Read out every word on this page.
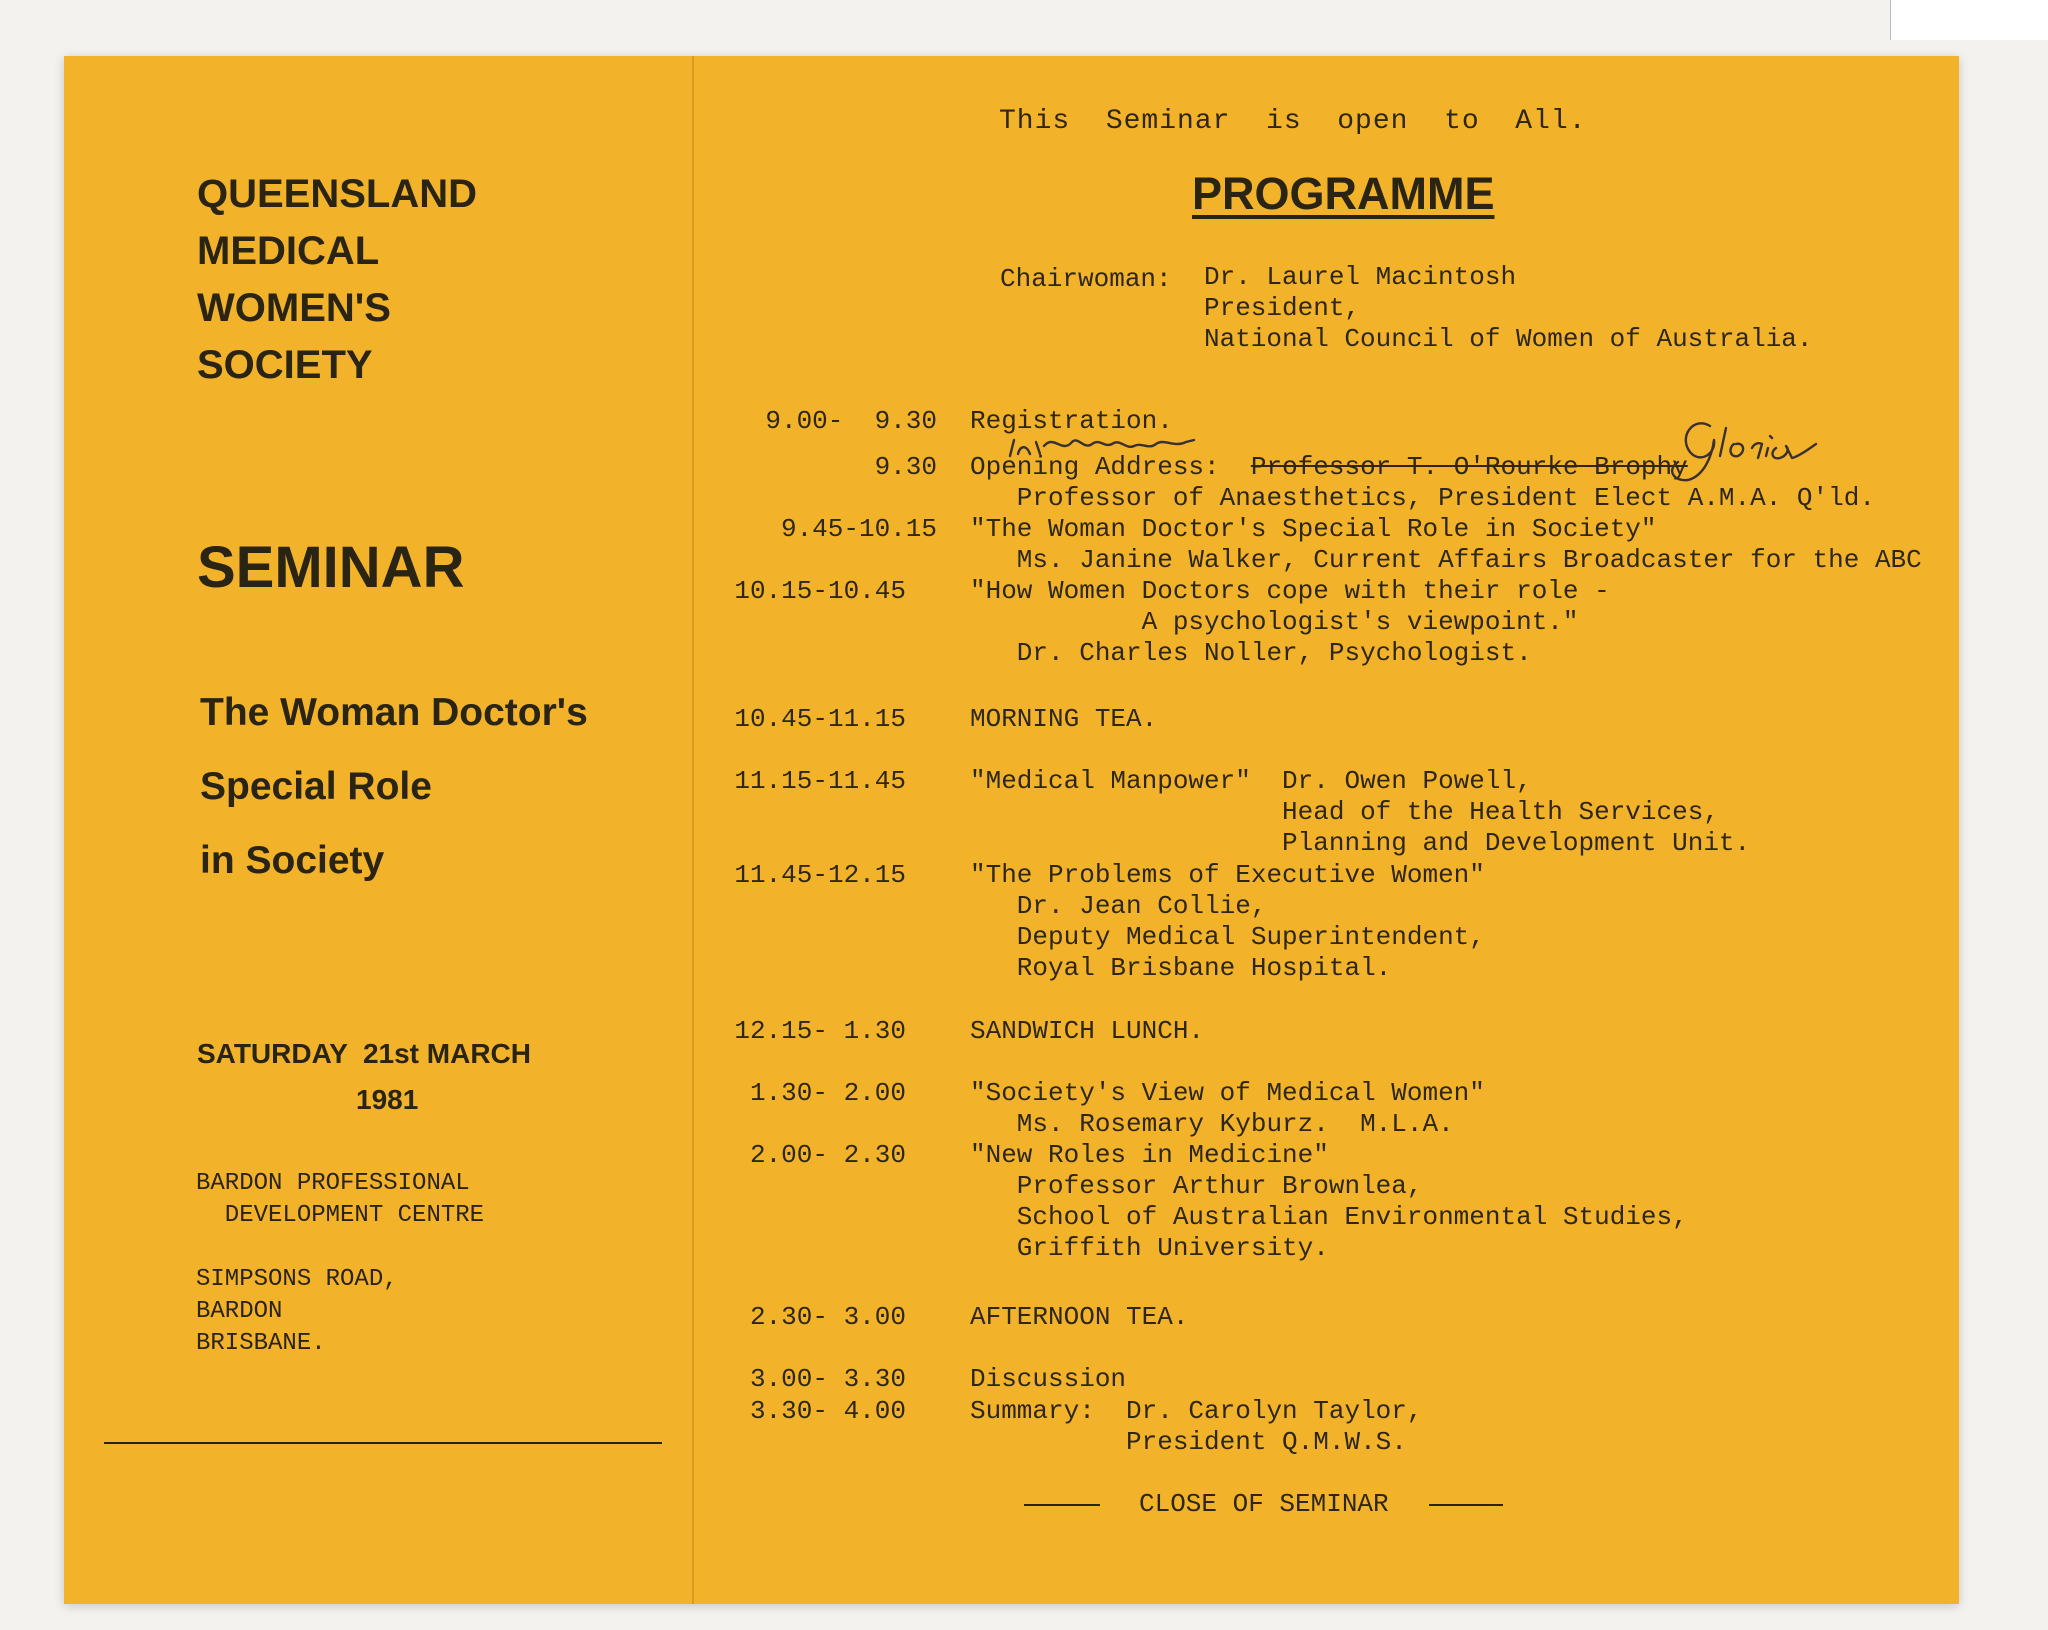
QUEENSLAND
MEDICAL
WOMEN'S
SOCIETY
SEMINAR
The Woman Doctor's
Special Role
in Society
SATURDAY  21st MARCH
1981
BARDON PROFESSIONAL
DEVELOPMENT CENTRE
SIMPSONS ROAD,
BARDON
BRISBANE.
This  Seminar  is  open  to  All.
PROGRAMME
Chairwoman: Dr. Laurel Macintosh
President,
National Council of Women of Australia.
9.00-  9.30 Registration.
9.30 Opening Address:  Professor T. O'Rourke Brophy
Professor of Anaesthetics, President Elect A.M.A. Q'ld.
9.45-10.15 "The Woman Doctor's Special Role in Society"
Ms. Janine Walker, Current Affairs Broadcaster for the ABC
10.15-10.45 "How Women Doctors cope with their role -
A psychologist's viewpoint."
Dr. Charles Noller, Psychologist.
10.45-11.15 MORNING TEA.
11.15-11.45 "Medical Manpower"  Dr. Owen Powell,
Head of the Health Services,
Planning and Development Unit.
11.45-12.15 "The Problems of Executive Women"
Dr. Jean Collie,
Deputy Medical Superintendent,
Royal Brisbane Hospital.
12.15- 1.30 SANDWICH LUNCH.
1.30- 2.00 "Society's View of Medical Women"
Ms. Rosemary Kyburz.  M.L.A.
2.00- 2.30 "New Roles in Medicine"
Professor Arthur Brownlea,
School of Australian Environmental Studies,
Griffith University.
2.30- 3.00 AFTERNOON TEA.
3.00- 3.30 Discussion
3.30- 4.00 Summary:  Dr. Carolyn Taylor,
President Q.M.W.S.
CLOSE OF SEMINAR
